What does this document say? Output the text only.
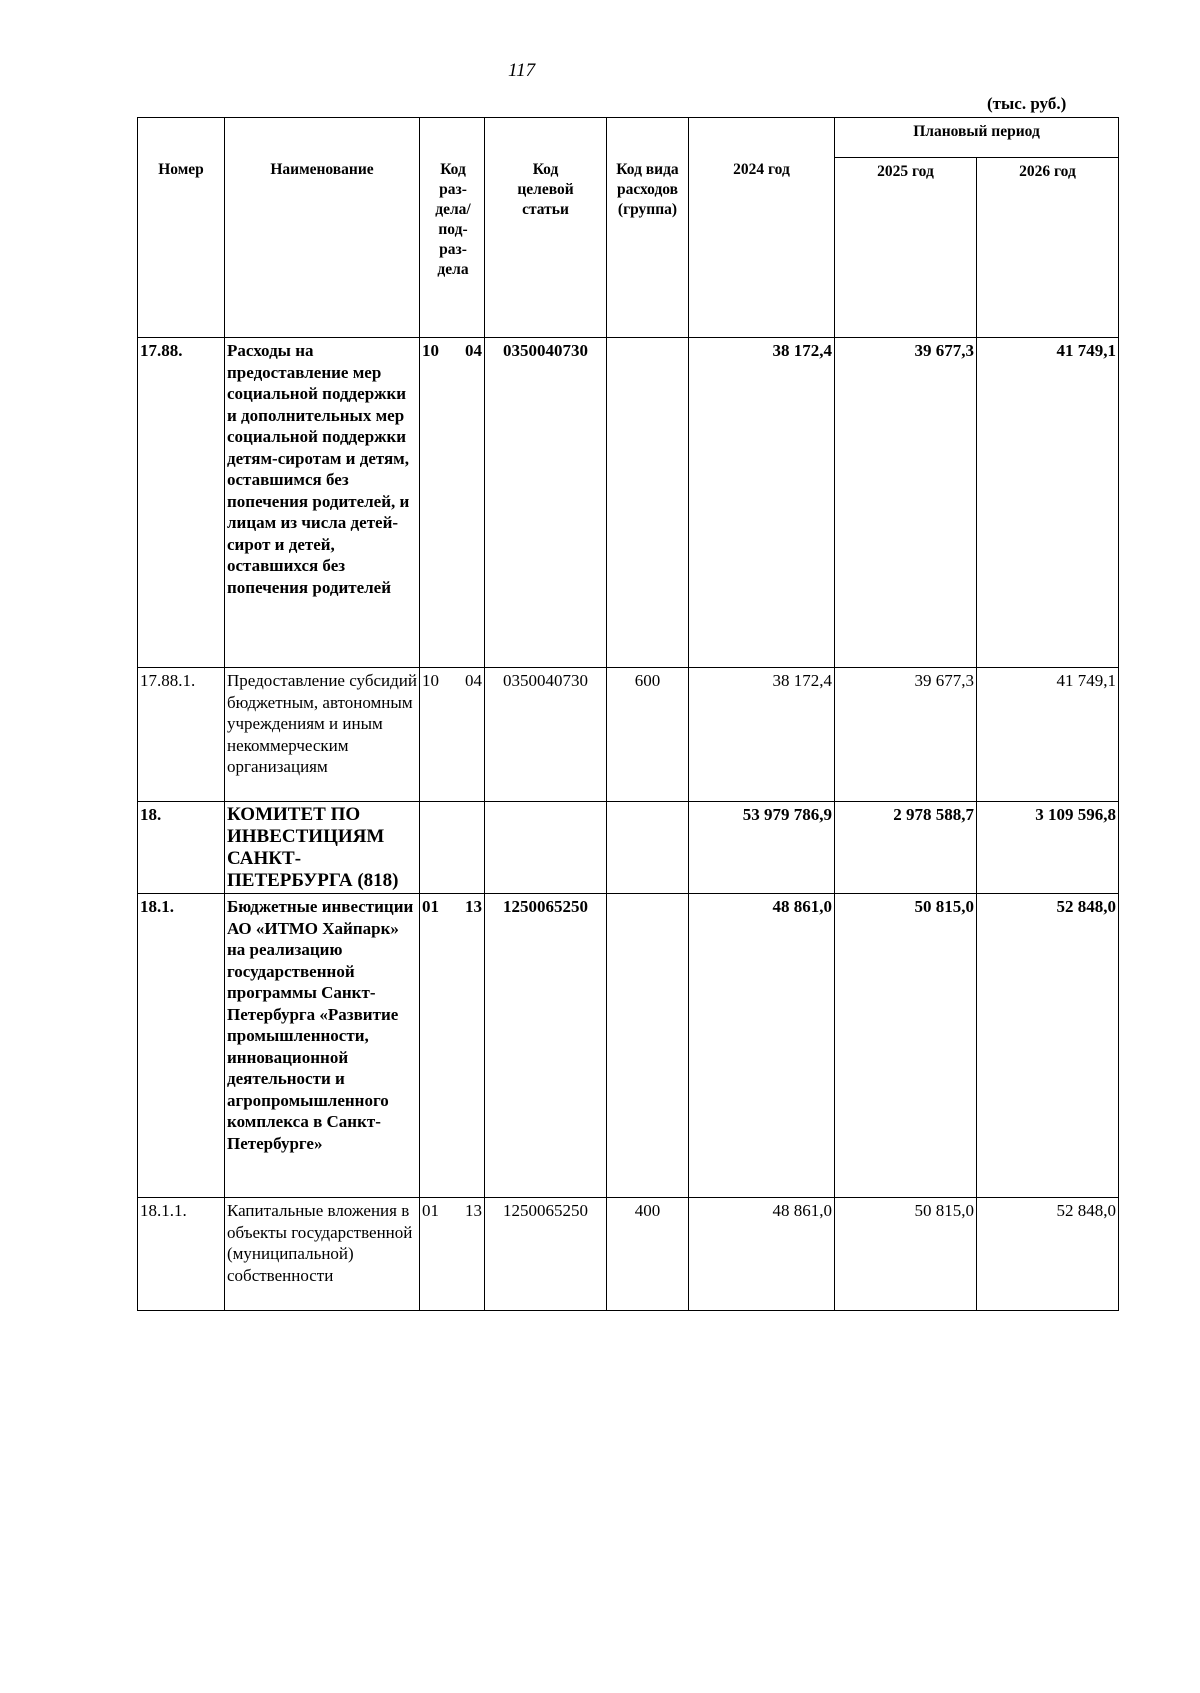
117
(тыс. руб.)
Номер	Наименование	Код раз-дела/ под-раз-дела	Код целевой статьи	Код вида расходов (группа)	2024 год	Плановый период	
						2025 год	2026 год
17.88.	Расходы на предоставление мер социальной поддержки и дополнительных мер социальной поддержки детям-сиротам и детям, оставшимся без попечения родителей, и лицам из числа детей-сирот и детей, оставшихся без попечения родителей	10 04	0350040730		38 172,4	39 677,3	41 749,1
17.88.1.	Предоставление субсидий бюджетным, автономным учреждениям и иным некоммерческим организациям	10 04	0350040730	600	38 172,4	39 677,3	41 749,1
18.	КОМИТЕТ ПО ИНВЕСТИЦИЯМ САНКТ-ПЕТЕРБУРГА (818)				53 979 786,9	2 978 588,7	3 109 596,8
18.1.	Бюджетные инвестиции АО «ИТМО Хайпарк» на реализацию государственной программы Санкт-Петербурга «Развитие промышленности, инновационной деятельности и агропромышленного комплекса в Санкт-Петербурге»	01 13	1250065250		48 861,0	50 815,0	52 848,0
18.1.1.	Капитальные вложения в объекты государственной (муниципальной) собственности	01 13	1250065250	400	48 861,0	50 815,0	52 848,0
